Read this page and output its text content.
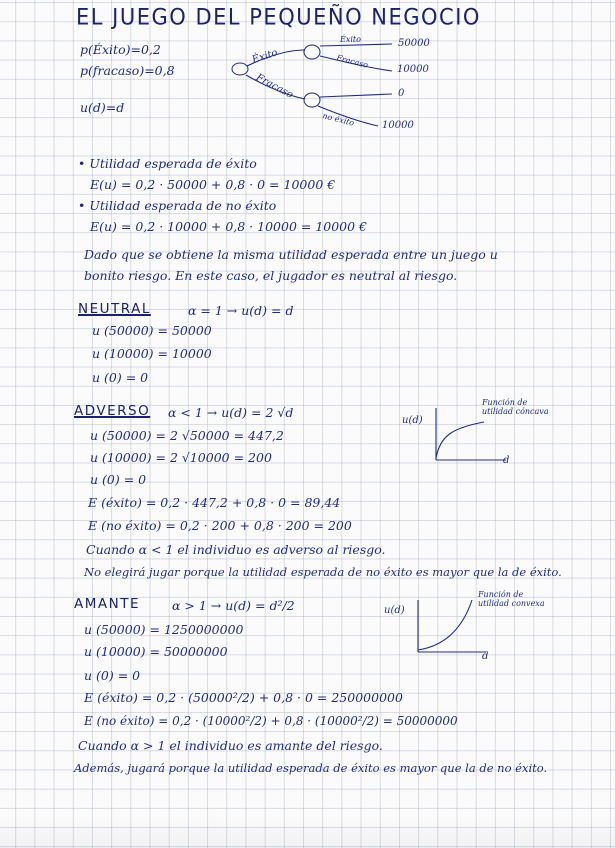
EL JUEGO DEL PEQUEÑO NEGOCIO
p(Éxito)=0,2
p(fracaso)=0,8
u(d)=d
Éxito
Fracaso
Éxito	50000
Fracaso	10000
0
no éxito	10000
• Utilidad esperada de éxito
E(u) = 0,2 · 50000 + 0,8 · 0 = 10000 €
• Utilidad esperada de no éxito
E(u) = 0,2 · 10000 + 0,8 · 10000 = 10000 €
Dado que se obtiene la misma utilidad esperada entre un juego u
bonito riesgo. En este caso, el jugador es neutral al riesgo.
NEUTRAL	α = 1 → u(d) = d
u (50000) = 50000
u (10000) = 10000
u (0) = 0
ADVERSO α < 1 → u(d) = 2 √d
u (50000) = 2 √50000 = 447,2
u (10000) = 2 √10000 = 200
u (0) = 0
E (éxito) = 0,2 · 447,2 + 0,8 · 0 = 89,44
E (no éxito) = 0,2 · 200 + 0,8 · 200 = 200
Cuando α < 1 el individuo es adverso al riesgo.
No elegirá jugar porque la utilidad esperada de no éxito es mayor que la de éxito.
u(d)
d
Función de utilidad cóncava
AMANTE	α > 1 → u(d) = d²/2
u (50000) = 1250000000
u (10000) = 50000000
u (0) = 0
E (éxito) = 0,2 · (50000²/2) + 0,8 · 0 = 250000000
E (no éxito) = 0,2 · (10000²/2) + 0,8 · (10000²/2) = 50000000
Cuando α > 1 el individuo es amante del riesgo.
Además, jugará porque la utilidad esperada de éxito es mayor que la de no éxito.
u(d)
d
Función de utilidad convexa
